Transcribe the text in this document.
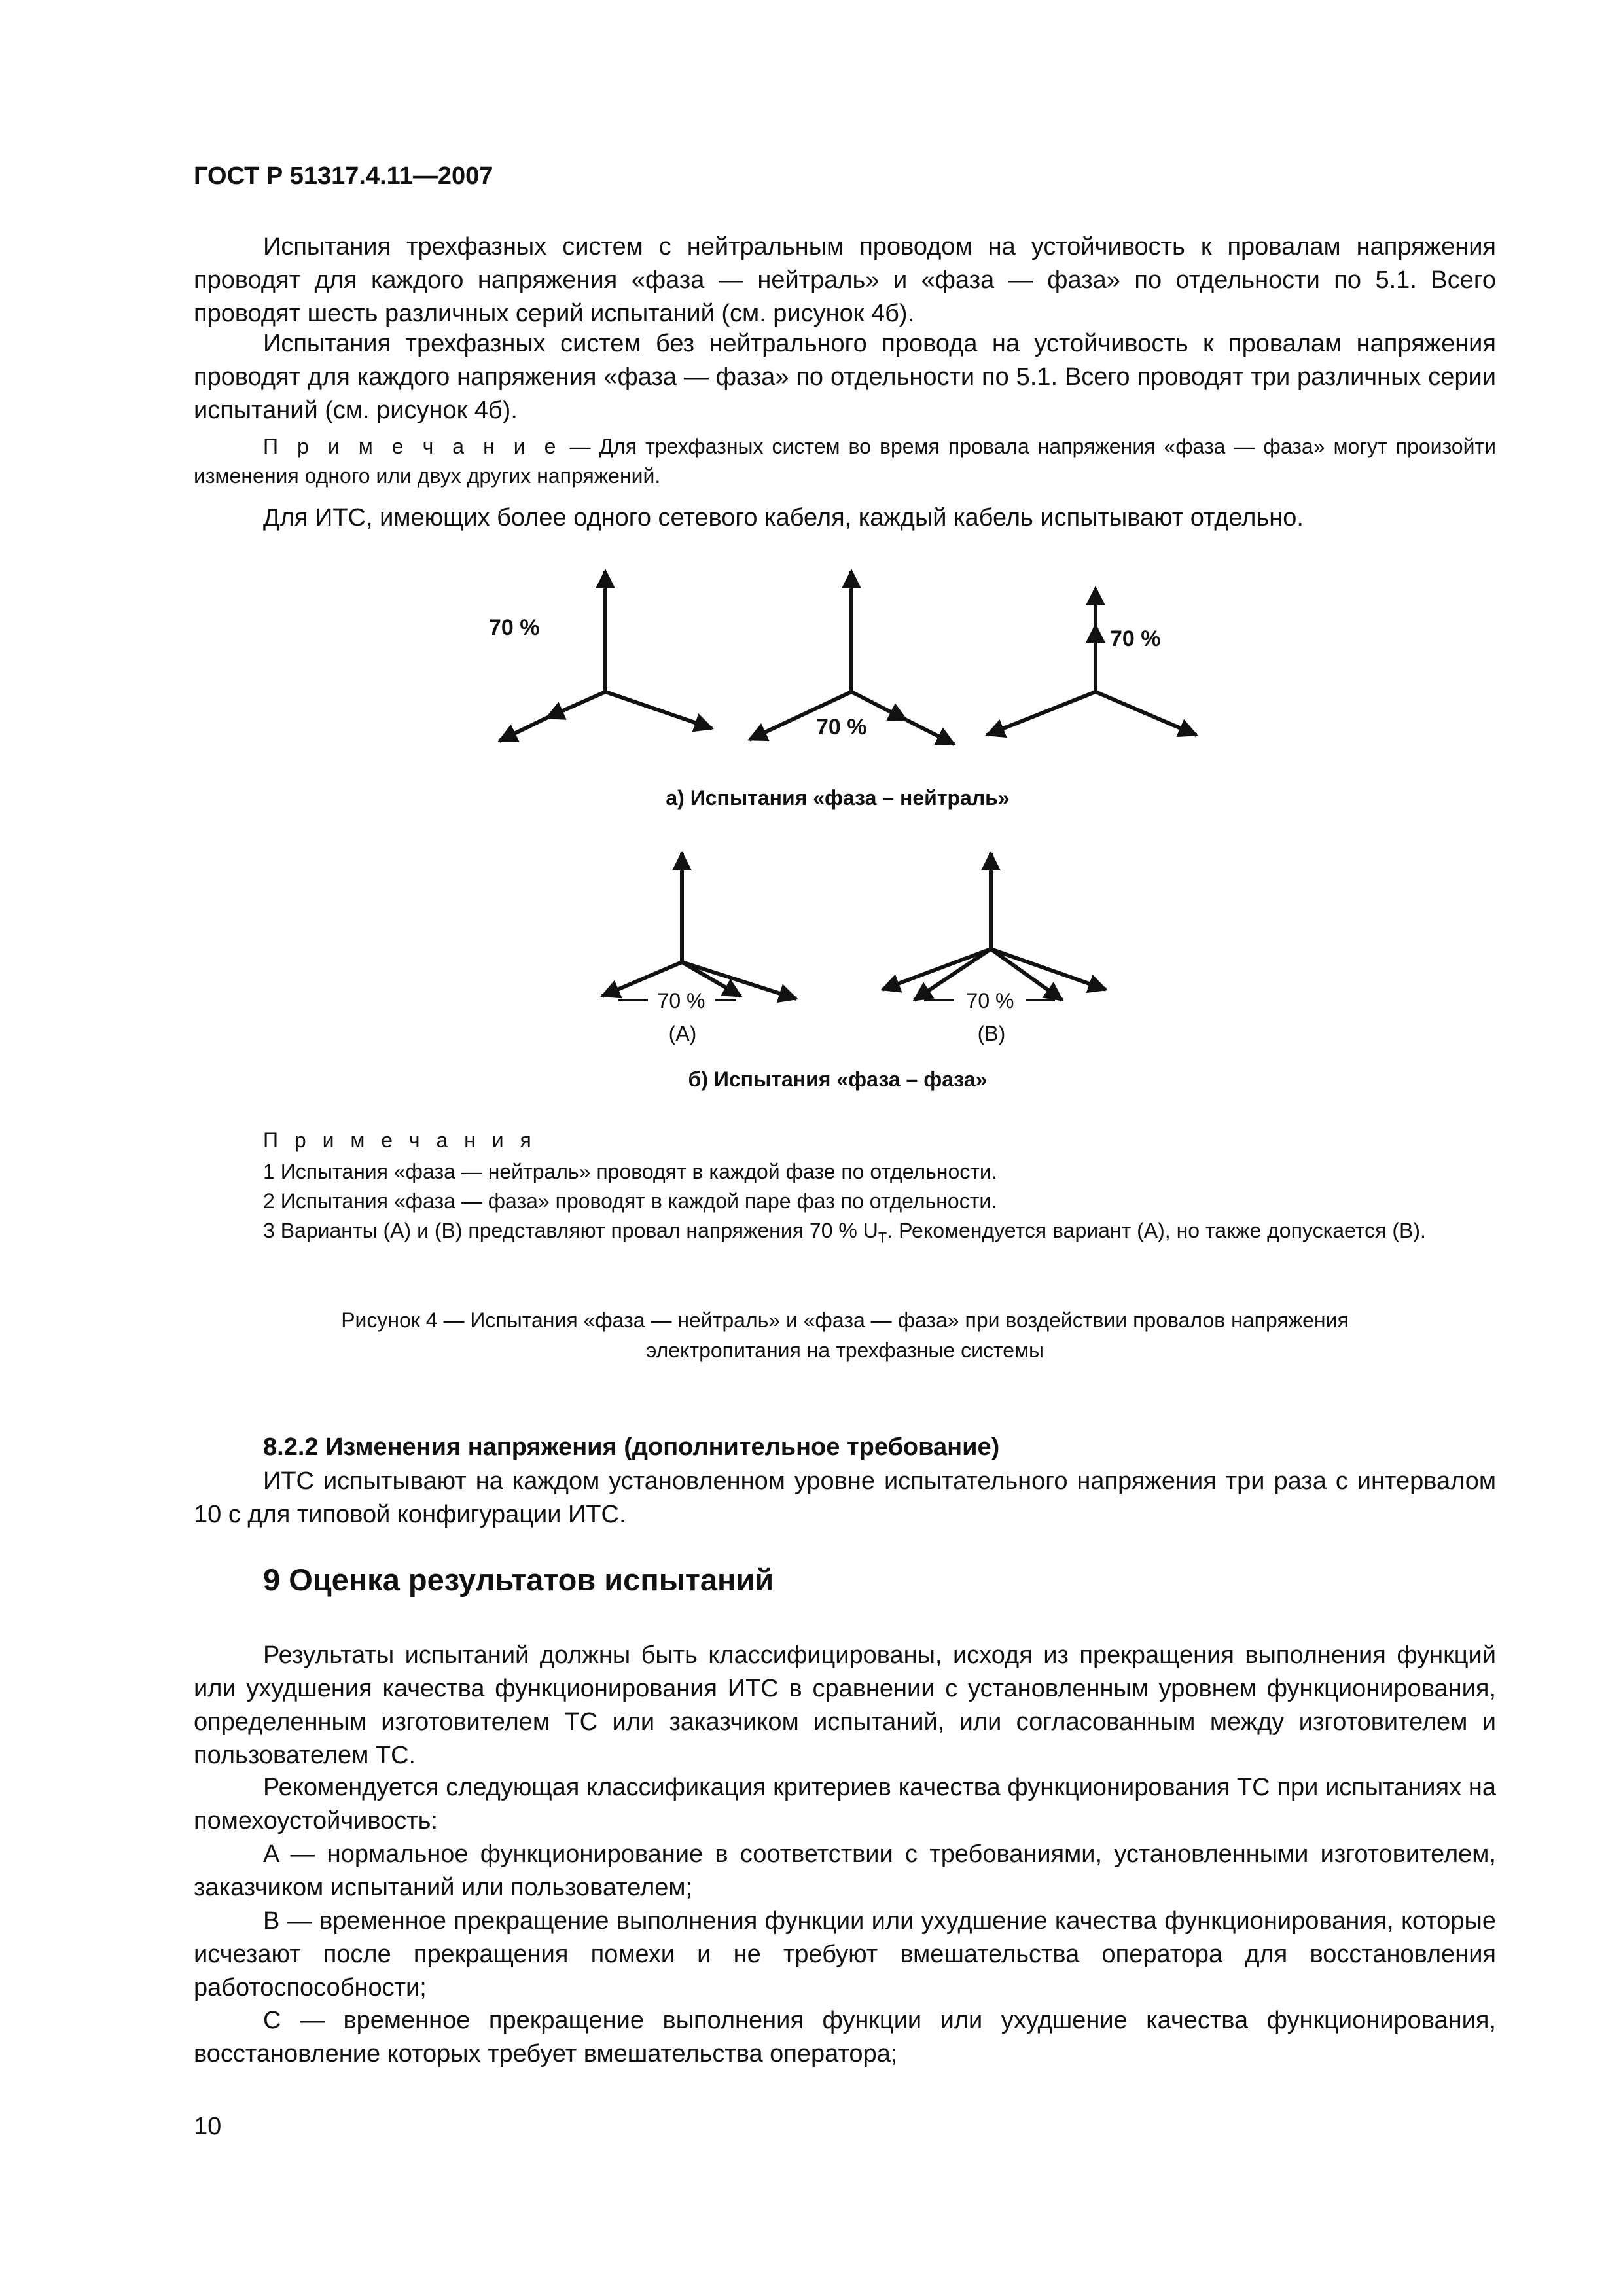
ГОСТ Р 51317.4.11—2007
Испытания трехфазных систем с нейтральным проводом на устойчивость к провалам напряжения проводят для каждого напряжения «фаза — нейтраль» и «фаза — фаза» по отдельности по 5.1. Всего проводят шесть различных серий испытаний (см. рисунок 4б).
Испытания трехфазных систем без нейтрального провода на устойчивость к провалам напряжения проводят для каждого напряжения «фаза — фаза» по отдельности по 5.1. Всего проводят три различных серии испытаний (см. рисунок 4б).
П р и м е ч а н и е — Для трехфазных систем во время провала напряжения «фаза — фаза» могут произойти изменения одного или двух других напряжений.
Для ИТС, имеющих более одного сетевого кабеля, каждый кабель испытывают отдельно.
70 %
70 %
70 %
а) Испытания «фаза – нейтраль»
70 %	70 %
(A)	(B)
б) Испытания «фаза – фаза»
П р и м е ч а н и я
1 Испытания «фаза — нейтраль» проводят в каждой фазе по отдельности.
2 Испытания «фаза — фаза» проводят в каждой паре фаз по отдельности.
3 Варианты (A) и (B) представляют провал напряжения 70 % $U_T$. Рекомендуется вариант (A), но также допускается (B).
Рисунок 4 — Испытания «фаза — нейтраль» и «фаза — фаза» при воздействии провалов напряжения
электропитания на трехфазные системы
8.2.2 Изменения напряжения (дополнительное требование)
ИТС испытывают на каждом установленном уровне испытательного напряжения три раза с интервалом 10 с для типовой конфигурации ИТС.
9 Оценка результатов испытаний
Результаты испытаний должны быть классифицированы, исходя из прекращения выполнения функций или ухудшения качества функционирования ИТС в сравнении с установленным уровнем функционирования, определенным изготовителем ТС или заказчиком испытаний, или согласованным между изготовителем и пользователем ТС.
Рекомендуется следующая классификация критериев качества функционирования ТС при испытаниях на помехоустойчивость:
A — нормальное функционирование в соответствии с требованиями, установленными изготовителем, заказчиком испытаний или пользователем;
B — временное прекращение выполнения функции или ухудшение качества функционирования, которые исчезают после прекращения помехи и не требуют вмешательства оператора для восстановления работоспособности;
C — временное прекращение выполнения функции или ухудшение качества функционирования, восстановление которых требует вмешательства оператора;
10
